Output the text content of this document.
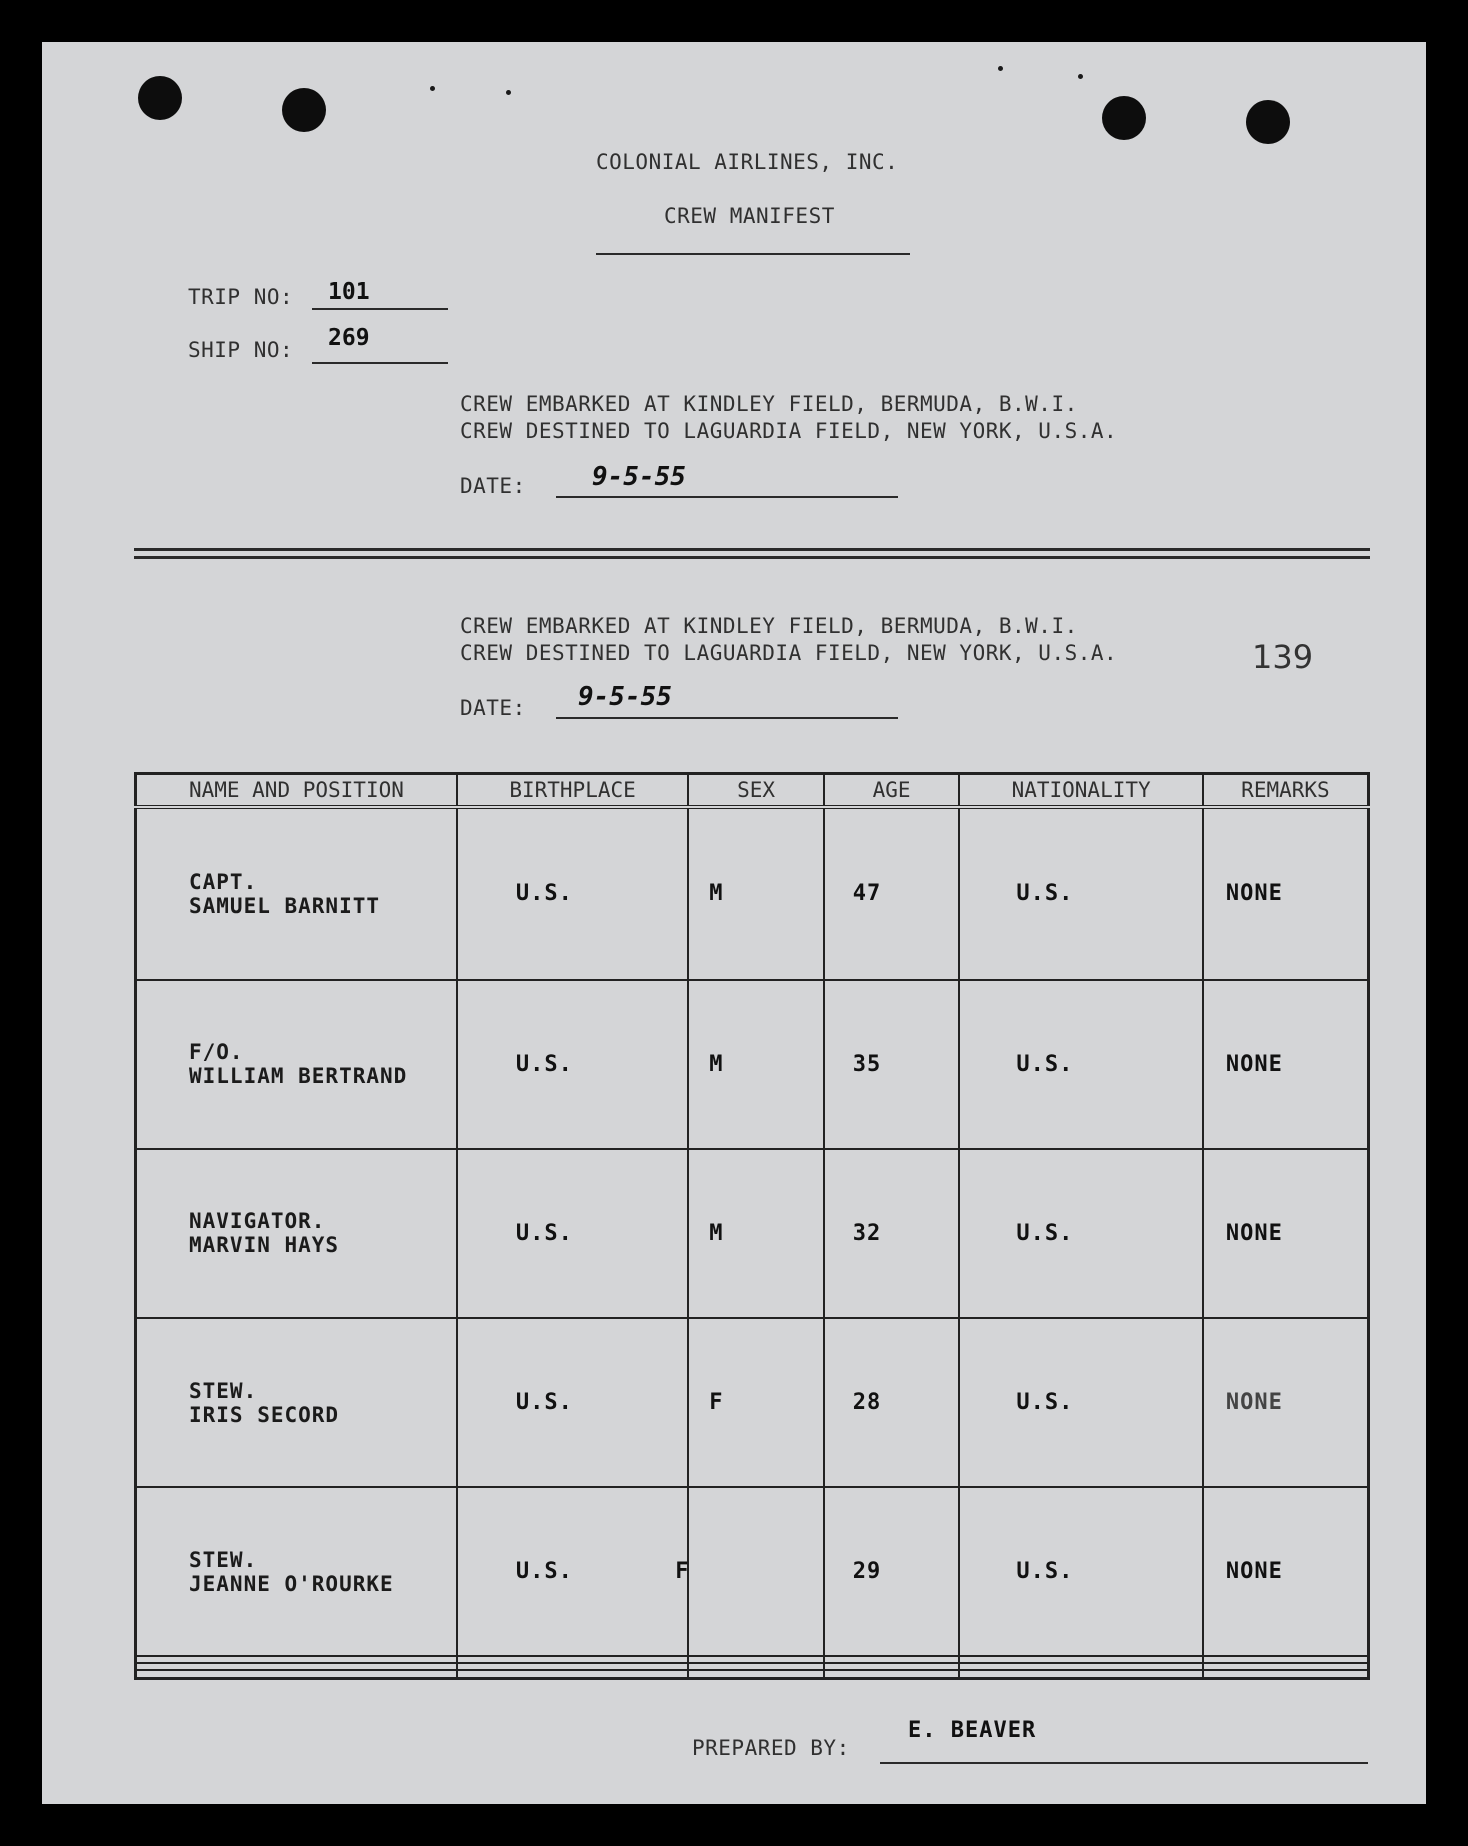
COLONIAL AIRLINES, INC.
CREW MANIFEST
TRIP NO: 101
SHIP NO: 269
CREW EMBARKED AT KINDLEY FIELD, BERMUDA, B.W.I.
CREW DESTINED TO LAGUARDIA FIELD, NEW YORK, U.S.A.
DATE:	9-5-55
CREW EMBARKED AT KINDLEY FIELD, BERMUDA, B.W.I.
CREW DESTINED TO LAGUARDIA FIELD, NEW YORK, U.S.A.	139
DATE: 9-5-55
NAME AND POSITION	BIRTHPLACE	SEX	AGE	NATIONALITY	REMARKS

CAPT.
SAMUEL BARNITT	U.S.	M	47	U.S.	NONE

F/O.
WILLIAM BERTRAND	U.S.	M	35	U.S.	NONE

NAVIGATOR.
MARVIN HAYS	U.S.	M	32	U.S.	NONE

STEW.
IRIS SECORD	U.S.	F	28	U.S.	NONE

STEW.
JEANNE O'ROURKE	U.S.	F	29	U.S.	NONE

PREPARED BY:
E. BEAVER
